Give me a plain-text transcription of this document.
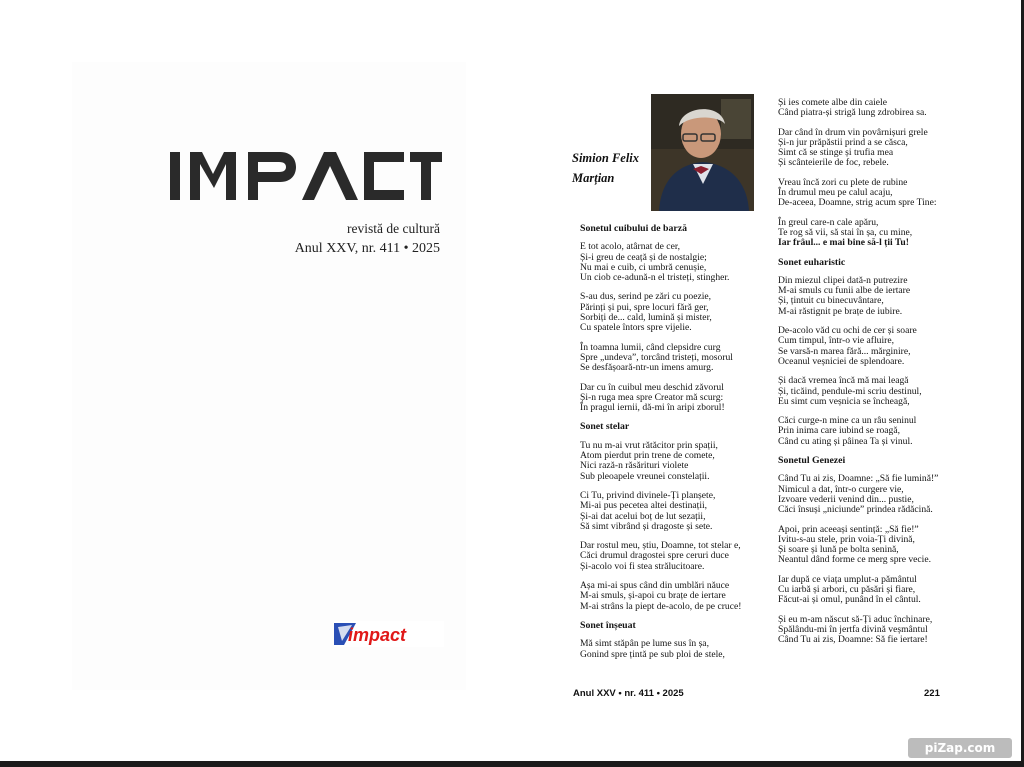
revistă de cultură
Anul XXV, nr. 411 • 2025
impact
Simion Felix
Marțian
Sonetul cuibului de barză
E tot acolo, atârnat de cer,
Și-i greu de ceață și de nostalgie;
Nu mai e cuib, ci umbră cenușie,
Un ciob ce-adună-n el tristeți, stingher.
S-au dus, serind pe zări cu poezie,
Părinți și pui, spre locuri fără ger,
Sorbiți de... cald, lumină și mister,
Cu spatele întors spre vijelie.
În toamna lumii, când clepsidre curg
Spre „undeva”, torcând tristeți, mosorul
Se desfășoară-ntr-un imens amurg.
Dar cu în cuibul meu deschid zăvorul
Și-n ruga mea spre Creator mă scurg:
În pragul iernii, dă-mi în aripi zborul!
Sonet stelar
Tu nu m-ai vrut rătăcitor prin spații,
Atom pierdut prin trene de comete,
Nici rază-n răsărituri violete
Sub pleoapele vreunei constelații.
Ci Tu, privind divinele-Ți planșete,
Mi-ai pus pecetea altei destinații,
Și-ai dat acelui boț de lut sezații,
Să simt vibrând și dragoste și sete.
Dar rostul meu, știu, Doamne, tot stelar e,
Căci drumul dragostei spre ceruri duce
Și-acolo voi fi stea strălucitoare.
Așa mi-ai spus când din umblări năuce
M-ai smuls, și-apoi cu brațe de iertare
M-ai strâns la piept de-acolo, de pe cruce!
Sonet înșeuat
Mă simt stăpân pe lume sus în șa,
Gonind spre țintă pe sub ploi de stele,
Și ies comete albe din caiele
Când piatra-și strigă lung zdrobirea sa.
Dar când în drum vin povârnișuri grele
Și-n jur prăpăstii prind a se căsca,
Simt că se stinge și trufia mea
Și scânteierile de foc, rebele.
Vreau încă zori cu plete de rubine
În drumul meu pe calul acaju,
De-aceea, Doamne, strig acum spre Tine:
În greul care-n cale apăru,
Te rog să vii, să stai în șa, cu mine,
Iar frâul... e mai bine să-l ții Tu!
Sonet euharistic
Din miezul clipei dată-n putrezire
M-ai smuls cu funii albe de iertare
Și, țintuit cu binecuvântare,
M-ai răstignit pe brațe de iubire.
De-acolo văd cu ochi de cer și soare
Cum timpul, într-o vie afluire,
Se varsă-n marea fără... mărginire,
Oceanul veșniciei de splendoare.
Și dacă vremea încă mă mai leagă
Și, ticăind, pendule-mi scriu destinul,
Eu simt cum veșnicia se încheagă,
Căci curge-n mine ca un râu seninul
Prin inima care iubind se roagă,
Când cu ating și pâinea Ta și vinul.
Sonetul Genezei
Când Tu ai zis, Doamne: „Să fie lumină!”
Nimicul a dat, într-o curgere vie,
Izvoare vederii venind din... pustie,
Căci însuși „niciunde” prindea rădăcină.
Apoi, prin aceeași sentință: „Să fie!”
Ivitu-s-au stele, prin voia-Ți divină,
Și soare și lună pe bolta senină,
Neantul dând forme ce merg spre vecie.
Iar după ce viața umplut-a pământul
Cu iarbă și arbori, cu păsări și fiare,
Făcut-ai și omul, punând în el cântul.
Și eu m-am născut să-Ți aduc închinare,
Spălându-mi în jertfa divină veșmântul
Când Tu ai zis, Doamne: Să fie iertare!
Anul XXV • nr. 411 • 2025	221
piZap.com
